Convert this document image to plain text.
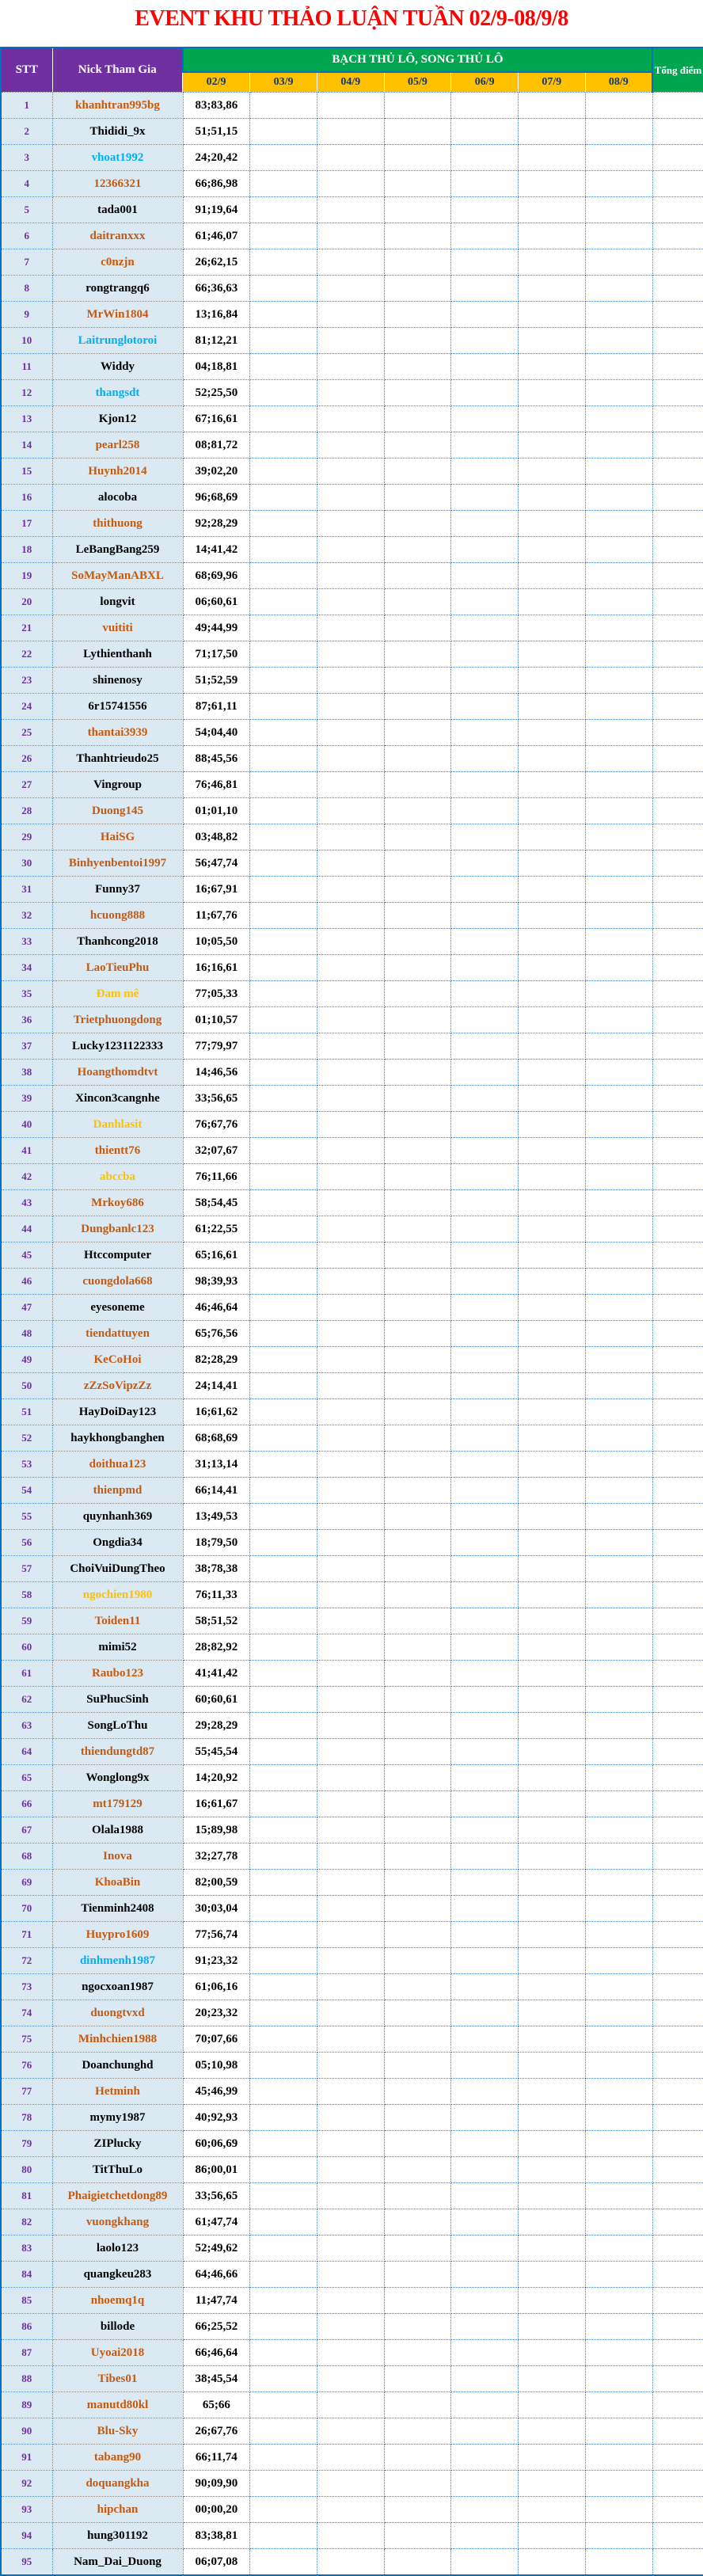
EVENT KHU THẢO LUẬN TUẦN 02/9-08/9/8
STT	Nick Tham Gia	BẠCH THỦ LÔ, SONG THỦ LÔ							Tổng điểm
		02/9	03/9	04/9	05/9	06/9	07/9	08/9	
1	khanhtran995bg	83;83,86							
2	Thididi_9x	51;51,15							
3	vhoat1992	24;20,42							
4	12366321	66;86,98							
5	tada001	91;19,64							
6	daitranxxx	61;46,07							
7	c0nzjn	26;62,15							
8	rongtrangq6	66;36,63							
9	MrWin1804	13;16,84							
10	Laitrunglotoroi	81;12,21							
11	Widdy	04;18,81							
12	thangsdt	52;25,50							
13	Kjon12	67;16,61							
14	pearl258	08;81,72							
15	Huynh2014	39;02,20							
16	alocoba	96;68,69							
17	thithuong	92;28,29							
18	LeBangBang259	14;41,42							
19	SoMayManABXL	68;69,96							
20	longvit	06;60,61							
21	vuititi	49;44,99							
22	Lythienthanh	71;17,50							
23	shinenosy	51;52,59							
24	6r15741556	87;61,11							
25	thantai3939	54;04,40							
26	Thanhtrieudo25	88;45,56							
27	Vingroup	76;46,81							
28	Duong145	01;01,10							
29	HaiSG	03;48,82							
30	Binhyenbentoi1997	56;47,74							
31	Funny37	16;67,91							
32	hcuong888	11;67,76							
33	Thanhcong2018	10;05,50							
34	LaoTieuPhu	16;16,61							
35	Đam mê	77;05,33							
36	Trietphuongdong	01;10,57							
37	Lucky1231122333	77;79,97							
38	Hoangthomdtvt	14;46,56							
39	Xincon3cangnhe	33;56,65							
40	Danhlasit	76;67,76							
41	thientt76	32;07,67							
42	abccba	76;11,66							
43	Mrkoy686	58;54,45							
44	Dungbanlc123	61;22,55							
45	Htccomputer	65;16,61							
46	cuongdola668	98;39,93							
47	eyesoneme	46;46,64							
48	tiendattuyen	65;76,56							
49	KeCoHoi	82;28,29							
50	zZzSoVipzZz	24;14,41							
51	HayDoiDay123	16;61,62							
52	haykhongbanghen	68;68,69							
53	doithua123	31;13,14							
54	thienpmd	66;14,41							
55	quynhanh369	13;49,53							
56	Ongdia34	18;79,50							
57	ChoiVuiDungTheo	38;78,38							
58	ngochien1980	76;11,33							
59	Toiden11	58;51,52							
60	mimi52	28;82,92							
61	Raubo123	41;41,42							
62	SuPhucSinh	60;60,61							
63	SongLoThu	29;28,29							
64	thiendungtd87	55;45,54							
65	Wonglong9x	14;20,92							
66	mt179129	16;61,67							
67	Olala1988	15;89,98							
68	Inova	32;27,78							
69	KhoaBin	82;00,59							
70	Tienminh2408	30;03,04							
71	Huypro1609	77;56,74							
72	dinhmenh1987	91;23,32							
73	ngocxoan1987	61;06,16							
74	duongtvxd	20;23,32							
75	Minhchien1988	70;07,66							
76	Doanchunghd	05;10,98							
77	Hetminh	45;46,99							
78	mymy1987	40;92,93							
79	ZIPlucky	60;06,69							
80	TitThuLo	86;00,01							
81	Phaigietchetdong89	33;56,65							
82	vuongkhang	61;47,74							
83	laolo123	52;49,62							
84	quangkeu283	64;46,66							
85	nhoemq1q	11;47,74							
86	billode	66;25,52							
87	Uyoai2018	66;46,64							
88	Tibes01	38;45,54							
89	manutd80kl	65;66							
90	Blu-Sky	26;67,76							
91	tabang90	66;11,74							
92	doquangkha	90;09,90							
93	hipchan	00;00,20							
94	hung301192	83;38,81							
95	Nam_Dai_Duong	06;07,08							
